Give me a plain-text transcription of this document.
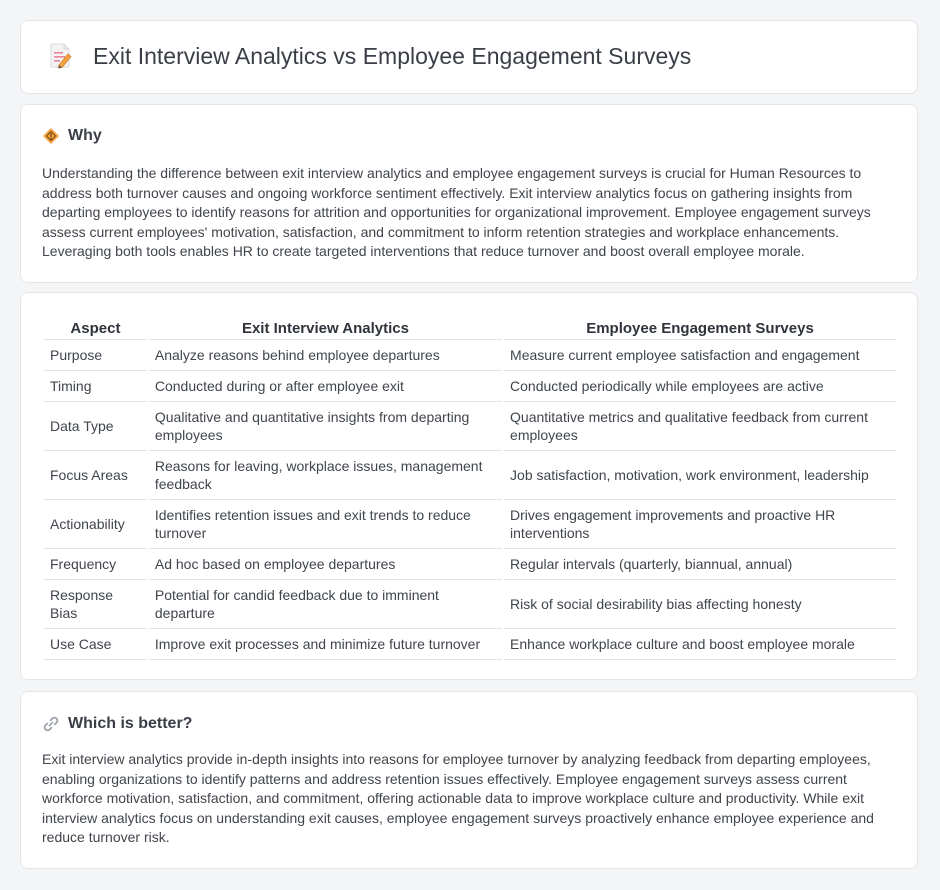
Exit Interview Analytics vs Employee Engagement Surveys
Why

Understanding the difference between exit interview analytics and employee engagement surveys is crucial for Human Resources to address both turnover causes and ongoing workforce sentiment effectively. Exit interview analytics focus on gathering insights from departing employees to identify reasons for attrition and opportunities for organizational improvement. Employee engagement surveys assess current employees' motivation, satisfaction, and commitment to inform retention strategies and workplace enhancements. Leveraging both tools enables HR to create targeted interventions that reduce turnover and boost overall employee morale.

Aspect	Exit Interview Analytics	Employee Engagement Surveys
Purpose	Analyze reasons behind employee departures	Measure current employee satisfaction and engagement
Timing	Conducted during or after employee exit	Conducted periodically while employees are active
Data Type	Qualitative and quantitative insights from departing employees	Quantitative metrics and qualitative feedback from current employees
Focus Areas	Reasons for leaving, workplace issues, management feedback	Job satisfaction, motivation, work environment, leadership
Actionability	Identifies retention issues and exit trends to reduce turnover	Drives engagement improvements and proactive HR interventions
Frequency	Ad hoc based on employee departures	Regular intervals (quarterly, biannual, annual)
Response Bias	Potential for candid feedback due to imminent departure	Risk of social desirability bias affecting honesty
Use Case	Improve exit processes and minimize future turnover	Enhance workplace culture and boost employee morale
Which is better?

Exit interview analytics provide in-depth insights into reasons for employee turnover by analyzing feedback from departing employees, enabling organizations to identify patterns and address retention issues effectively. Employee engagement surveys assess current workforce motivation, satisfaction, and commitment, offering actionable data to improve workplace culture and productivity. While exit interview analytics focus on understanding exit causes, employee engagement surveys proactively enhance employee experience and reduce turnover risk.
